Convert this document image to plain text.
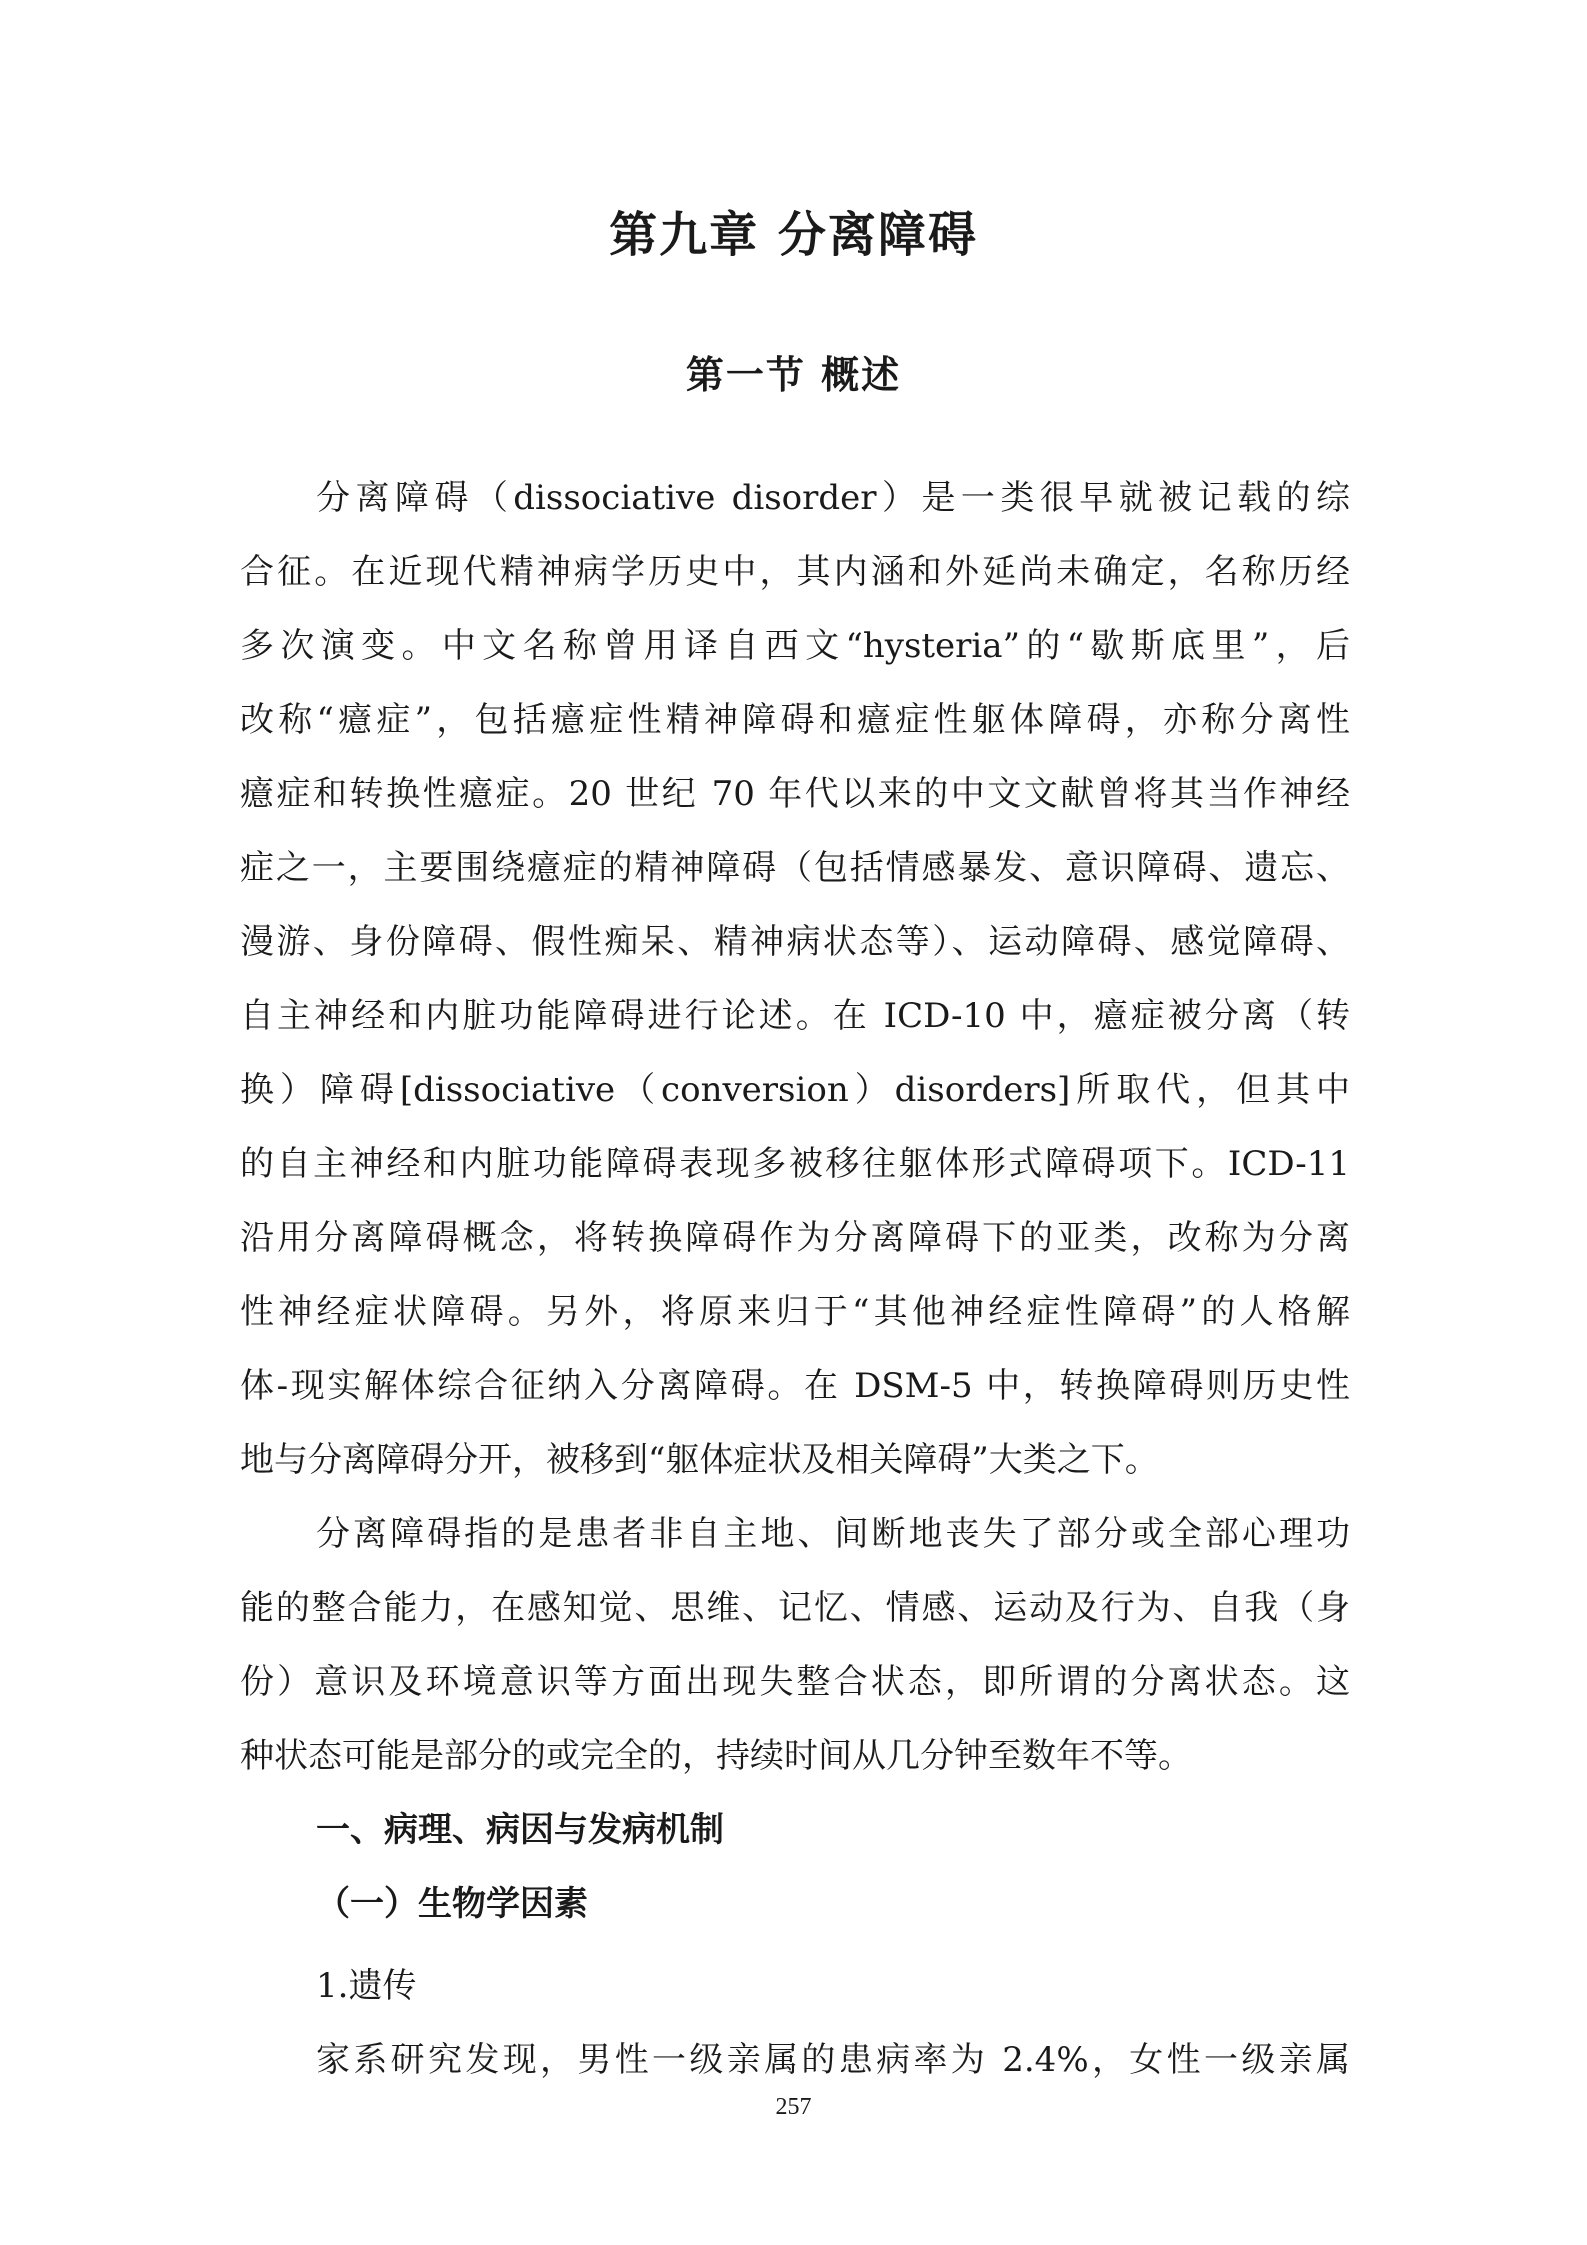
第九章 分离障碍
第一节 概述
分离障碍（dissociative disorder）是一类很早就被记载的综
合征。在近现代精神病学历史中，其内涵和外延尚未确定，名称历经
多次演变。中文名称曾用译自西文“hysteria”的“歇斯底里”，后
改称“癔症”，包括癔症性精神障碍和癔症性躯体障碍，亦称分离性
癔症和转换性癔症。20 世纪 70 年代以来的中文文献曾将其当作神经
症之一，主要围绕癔症的精神障碍（包括情感暴发、意识障碍、遗忘、
漫游、身份障碍、假性痴呆、精神病状态等）、运动障碍、感觉障碍、
自主神经和内脏功能障碍进行论述。在 ICD-10 中，癔症被分离（转
换）障碍[dissociative（conversion）disorders]所取代，但其中
的自主神经和内脏功能障碍表现多被移往躯体形式障碍项下。ICD-11
沿用分离障碍概念，将转换障碍作为分离障碍下的亚类，改称为分离
性神经症状障碍。另外，将原来归于“其他神经症性障碍”的人格解
体-现实解体综合征纳入分离障碍。在 DSM-5 中，转换障碍则历史性
地与分离障碍分开，被移到“躯体症状及相关障碍”大类之下。
分离障碍指的是患者非自主地、间断地丧失了部分或全部心理功
能的整合能力，在感知觉、思维、记忆、情感、运动及行为、自我（身
份）意识及环境意识等方面出现失整合状态，即所谓的分离状态。这
种状态可能是部分的或完全的，持续时间从几分钟至数年不等。
一、病理、病因与发病机制
（一）生物学因素
1.遗传
家系研究发现，男性一级亲属的患病率为 2.4%，女性一级亲属
257
